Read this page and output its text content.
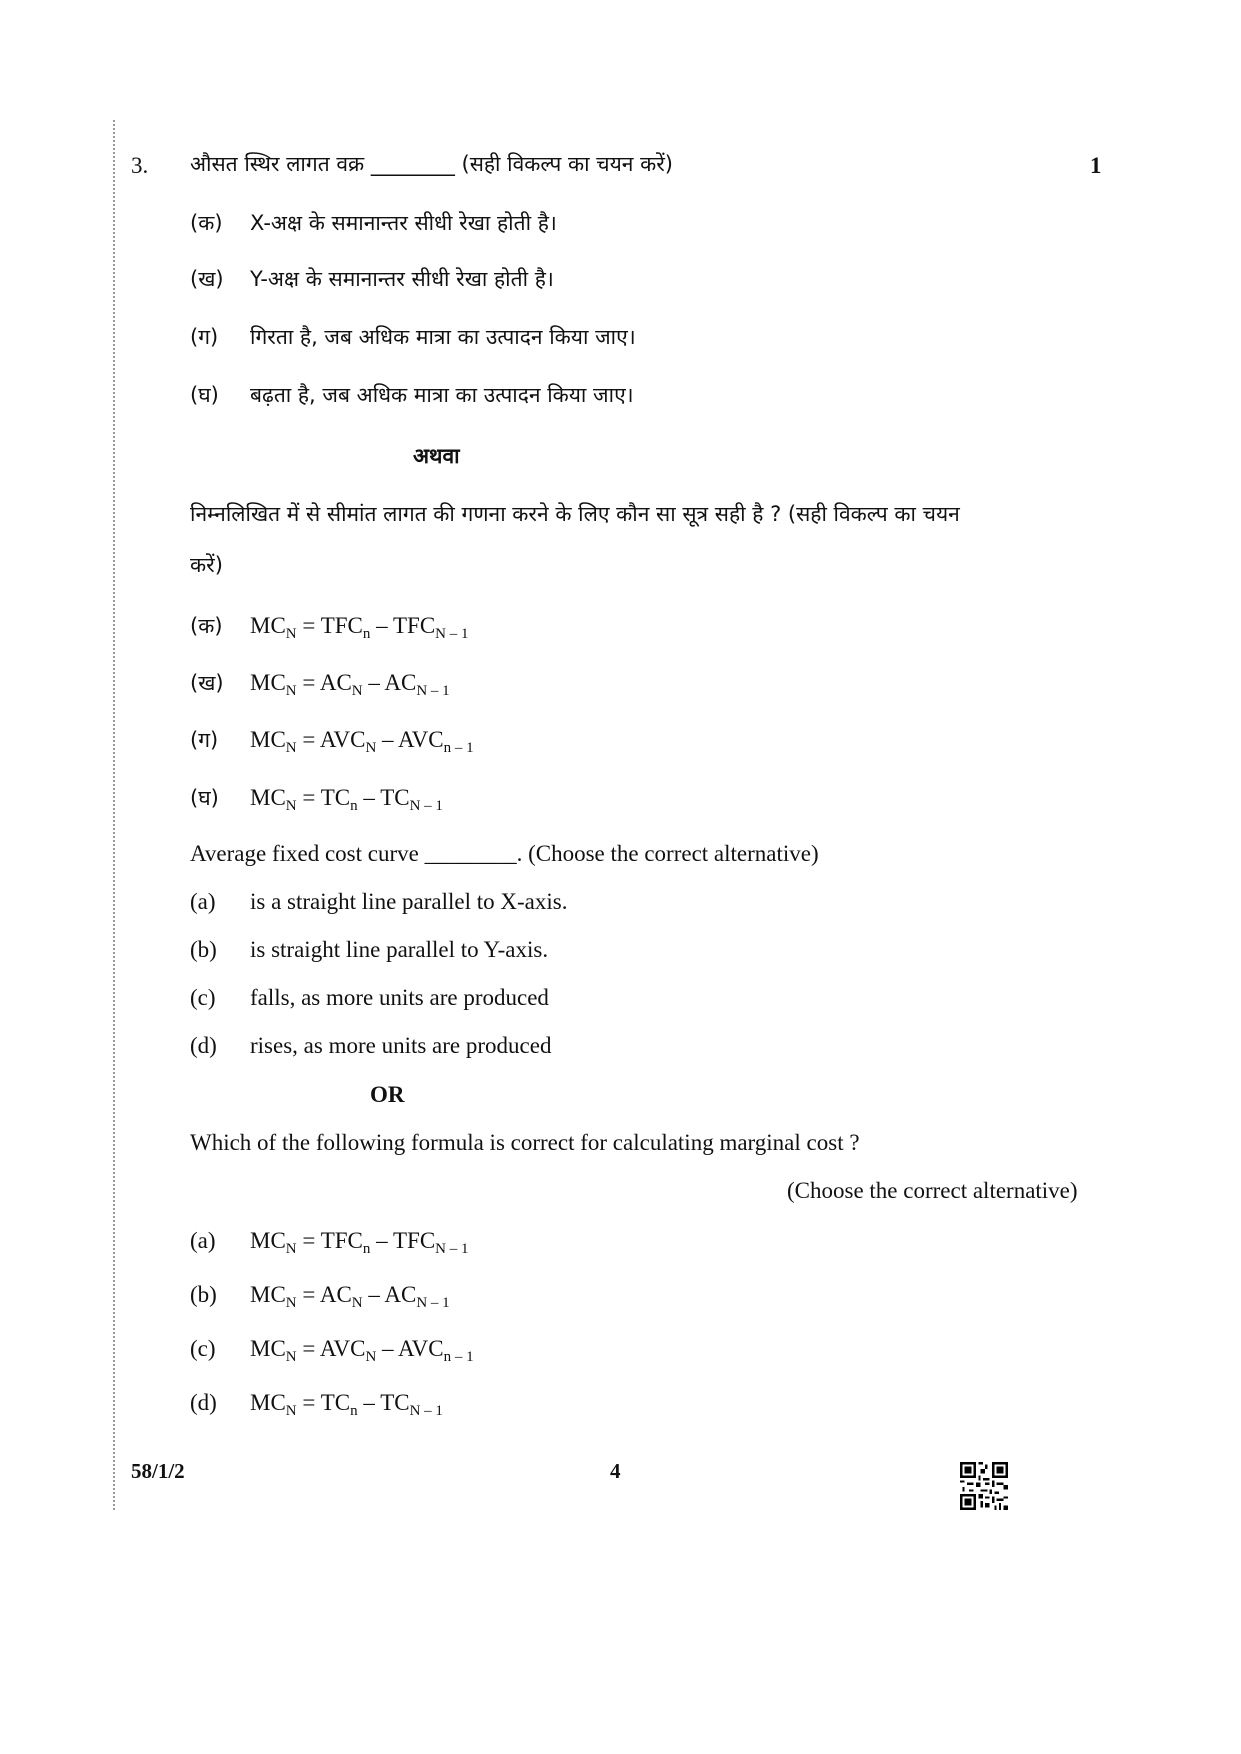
3. औसत स्थिर लागत वक्र ________ (सही विकल्प का चयन करें)	1
(क) X-अक्ष के समानान्तर सीधी रेखा होती है।
(ख) Y-अक्ष के समानान्तर सीधी रेखा होती है।
(ग) गिरता है, जब अधिक मात्रा का उत्पादन किया जाए।
(घ) बढ़ता है, जब अधिक मात्रा का उत्पादन किया जाए।
अथवा
निम्नलिखित में से सीमांत लागत की गणना करने के लिए कौन सा सूत्र सही है ? (सही विकल्प का चयन
करें)
(क) $MC_N = TFC_n - TFC_{N - 1}$
(ख) $MC_N = AC_N - AC_{N - 1}$
(ग) $MC_N = AVC_N - AVC_{n - 1}$
(घ) $MC_N = TC_n - TC_{N - 1}$
Average fixed cost curve ________. (Choose the correct alternative)
(a) is a straight line parallel to X-axis.
(b) is straight line parallel to Y-axis.
(c) falls, as more units are produced
(d) rises, as more units are produced
OR
Which of the following formula is correct for calculating marginal cost ?
(Choose the correct alternative)
(a) $MC_N = TFC_n - TFC_{N - 1}$
(b) $MC_N = AC_N - AC_{N - 1}$
(c) $MC_N = AVC_N - AVC_{n - 1}$
(d) $MC_N = TC_n - TC_{N - 1}$
58/1/2	4
